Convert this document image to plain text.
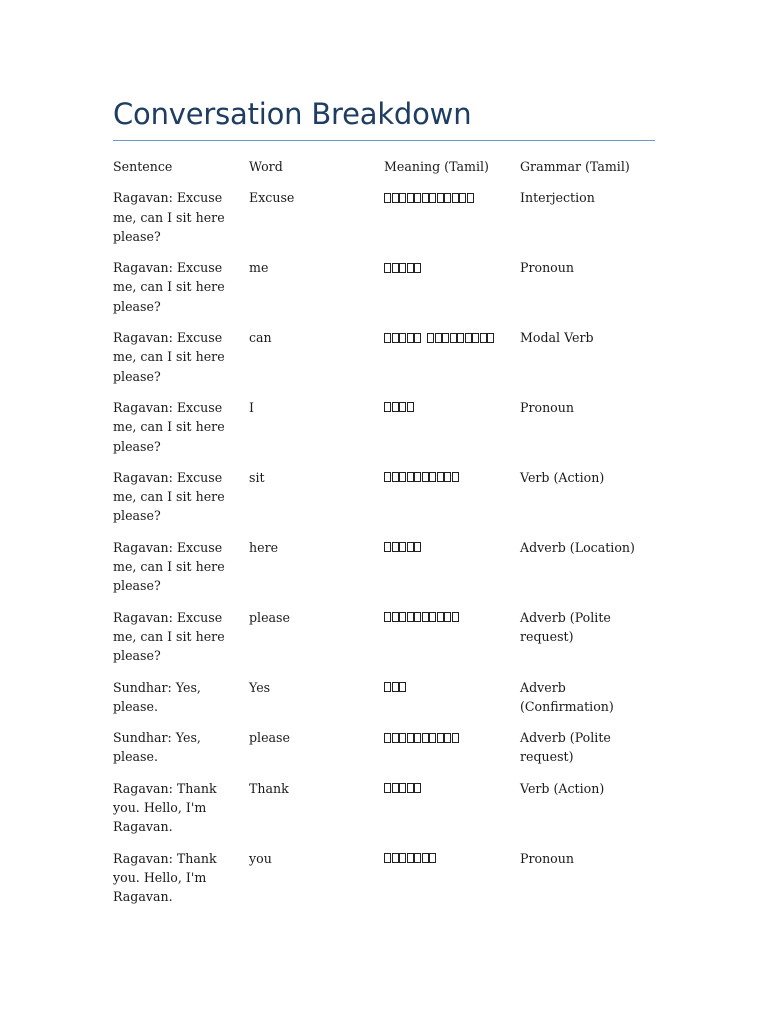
Conversation Breakdown
Sentence	Word	Meaning (Tamil)	Grammar (Tamil)
Ragavan: Excuse me, can I sit here please?	Excuse		Interjection
Ragavan: Excuse me, can I sit here please?	me		Pronoun
Ragavan: Excuse me, can I sit here please?	can		Modal Verb
Ragavan: Excuse me, can I sit here please?	I		Pronoun
Ragavan: Excuse me, can I sit here please?	sit		Verb (Action)
Ragavan: Excuse me, can I sit here please?	here		Adverb (Location)
Ragavan: Excuse me, can I sit here please?	please		Adverb (Polite request)
Sundhar: Yes, please.	Yes		Adverb (Confirmation)
Sundhar: Yes, please.	please		Adverb (Polite request)
Ragavan: Thank you. Hello, I'm Ragavan.	Thank		Verb (Action)
Ragavan: Thank you. Hello, I'm Ragavan.	you		Pronoun
